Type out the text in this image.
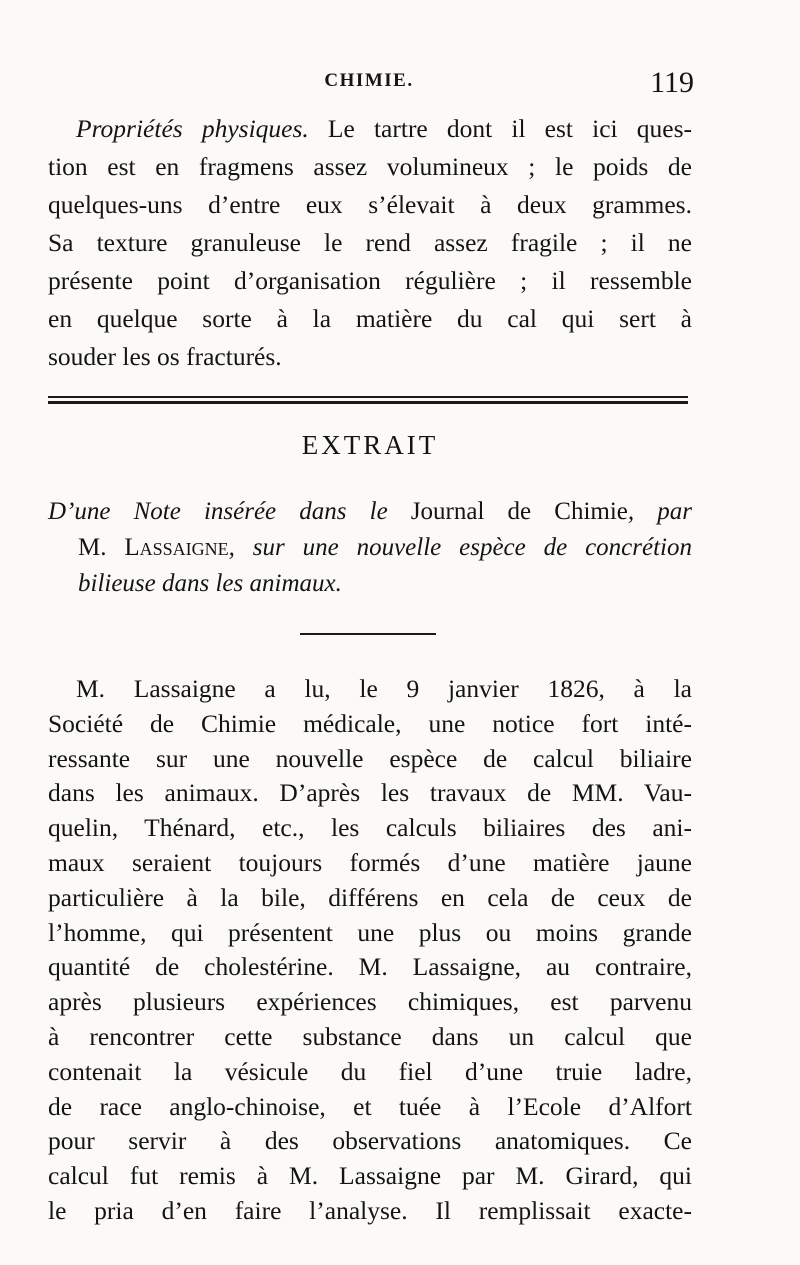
CHIMIE.	119
Propriétés physiques. Le tartre dont il est ici ques-
tion est en fragmens assez volumineux ; le poids de
quelques-uns d’entre eux s’élevait à deux grammes.
Sa texture granuleuse le rend assez fragile ; il ne
présente point d’organisation régulière ; il ressemble
en quelque sorte à la matière du cal qui sert à
souder les os fracturés.
EXTRAIT
D’une Note insérée dans le Journal de Chimie, par
M. Lassaigne, sur une nouvelle espèce de concrétion
bilieuse dans les animaux.
M. Lassaigne a lu, le 9 janvier 1826, à la
Société de Chimie médicale, une notice fort inté-
ressante sur une nouvelle espèce de calcul biliaire
dans les animaux. D’après les travaux de MM. Vau-
quelin, Thénard, etc., les calculs biliaires des ani-
maux seraient toujours formés d’une matière jaune
particulière à la bile, différens en cela de ceux de
l’homme, qui présentent une plus ou moins grande
quantité de cholestérine. M. Lassaigne, au contraire,
après plusieurs expériences chimiques, est parvenu
à rencontrer cette substance dans un calcul que
contenait la vésicule du fiel d’une truie ladre,
de race anglo-chinoise, et tuée à l’Ecole d’Alfort
pour servir à des observations anatomiques. Ce
calcul fut remis à M. Lassaigne par M. Girard, qui
le pria d’en faire l’analyse. Il remplissait exacte-
